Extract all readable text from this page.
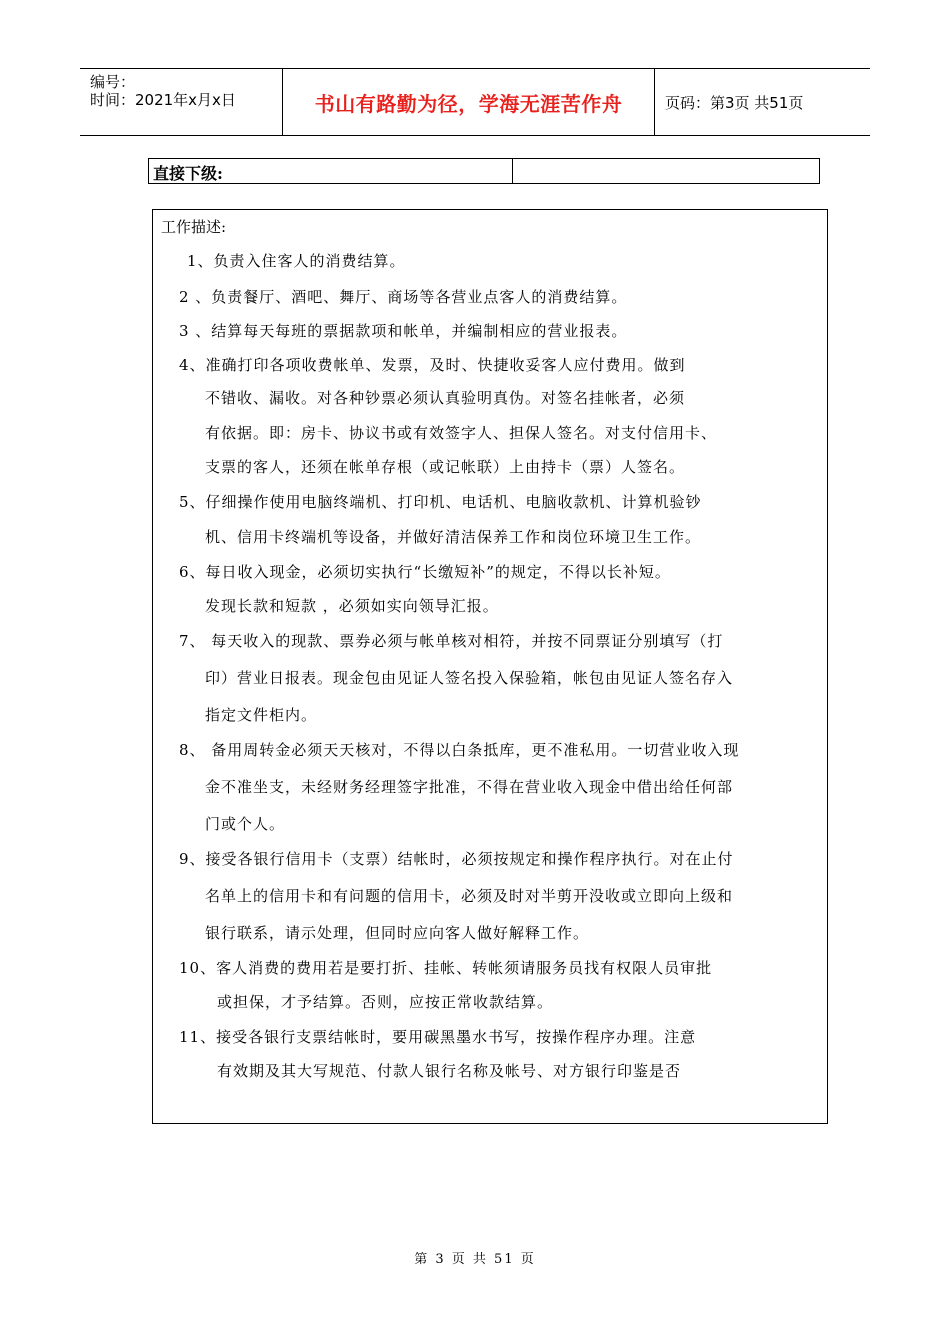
编号：
时间：2021年x月x日	书山有路勤为径，学海无涯苦作舟	页码：第3页 共51页
直接下级:
工作描述:
1、负责入住客人的消费结算。
2 、负责餐厅、酒吧、舞厅、商场等各营业点客人的消费结算。
3 、结算每天每班的票据款项和帐单，并编制相应的营业报表。
4、准确打印各项收费帐单、发票，及时、快捷收妥客人应付费用。做到
不错收、漏收。对各种钞票必须认真验明真伪。对签名挂帐者，必须
有依据。即：房卡、协议书或有效签字人、担保人签名。对支付信用卡、
支票的客人，还须在帐单存根（或记帐联）上由持卡（票）人签名。
5、仔细操作使用电脑终端机、打印机、电话机、电脑收款机、计算机验钞
机、信用卡终端机等设备，并做好清洁保养工作和岗位环境卫生工作。
6、每日收入现金，必须切实执行“长缴短补”的规定，不得以长补短。
发现长款和短款 ，必须如实向领导汇报。
7、 每天收入的现款、票券必须与帐单核对相符，并按不同票证分别填写（打
印）营业日报表。现金包由见证人签名投入保验箱，帐包由见证人签名存入
指定文件柜内。
8、 备用周转金必须天天核对，不得以白条抵库，更不准私用。一切营业收入现
金不准坐支，未经财务经理签字批准，不得在营业收入现金中借出给任何部
门或个人。
9、接受各银行信用卡（支票）结帐时，必须按规定和操作程序执行。对在止付
名单上的信用卡和有问题的信用卡，必须及时对半剪开没收或立即向上级和
银行联系，请示处理，但同时应向客人做好解释工作。
10、客人消费的费用若是要打折、挂帐、转帐须请服务员找有权限人员审批
或担保，才予结算。否则，应按正常收款结算。
11、接受各银行支票结帐时，要用碳黑墨水书写，按操作程序办理。注意
有效期及其大写规范、付款人银行名称及帐号、对方银行印鉴是否
第 3 页 共 51 页
